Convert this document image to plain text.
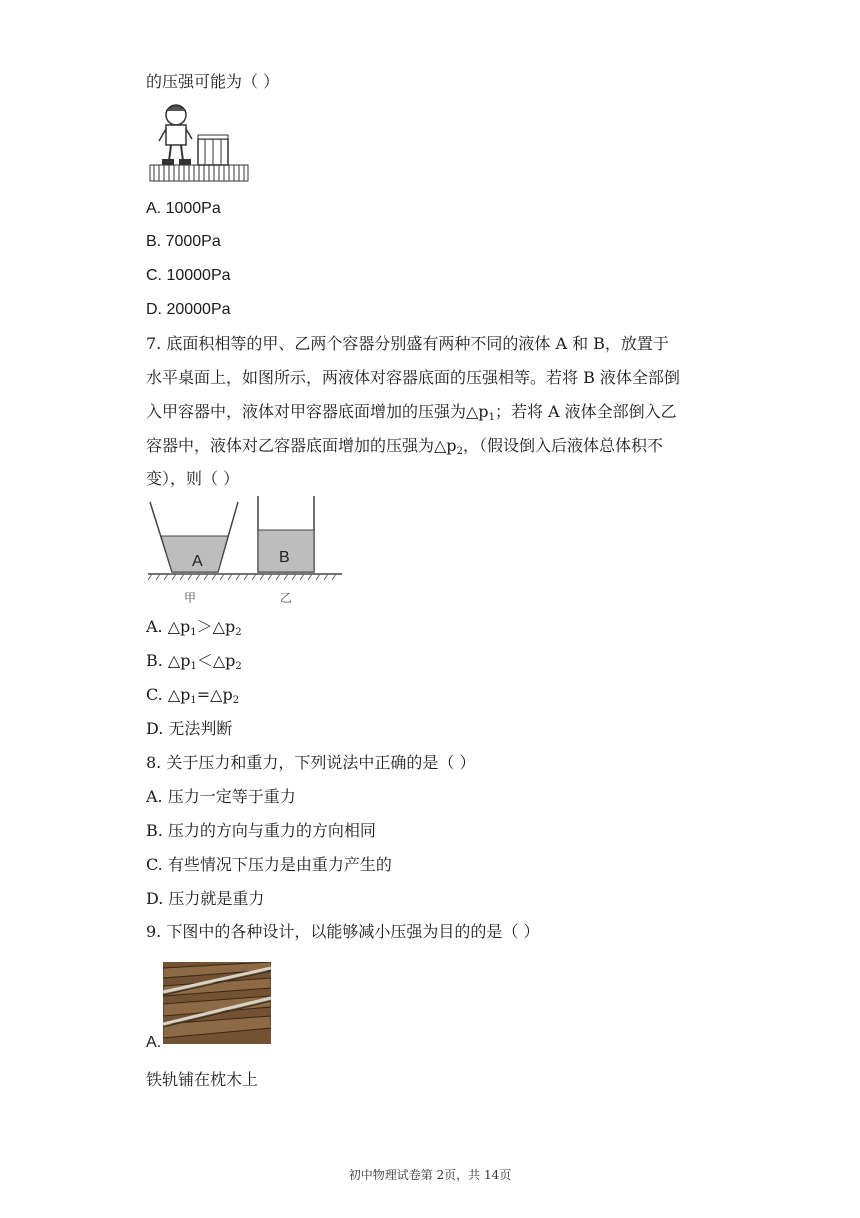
的压强可能为（ ）
A. 1000Pa
B. 7000Pa
C. 10000Pa
D. 20000Pa
7. 底面积相等的甲、乙两个容器分别盛有两种不同的液体 A 和 B，放置于
水平桌面上，如图所示，两液体对容器底面的压强相等。若将 B 液体全部倒
入甲容器中，液体对甲容器底面增加的压强为$\triangle p_1$；若将 A 液体全部倒入乙
容器中，液体对乙容器底面增加的压强为$\triangle p_2$，（假设倒入后液体总体积不
变），则（ ）
A	B
甲	乙
A. $\triangle p_1>\triangle p_2$
B. $\triangle p_1<\triangle p_2$
C. $\triangle p_1=\triangle p_2$
D. 无法判断
8. 关于压力和重力，下列说法中正确的是（ ）
A. 压力一定等于重力
B. 压力的方向与重力的方向相同
C. 有些情况下压力是由重力产生的
D. 压力就是重力
9. 下图中的各种设计，以能够减小压强为目的的是（ ）
A.
铁轨铺在枕木上
初中物理试卷第 2页，共 14页
